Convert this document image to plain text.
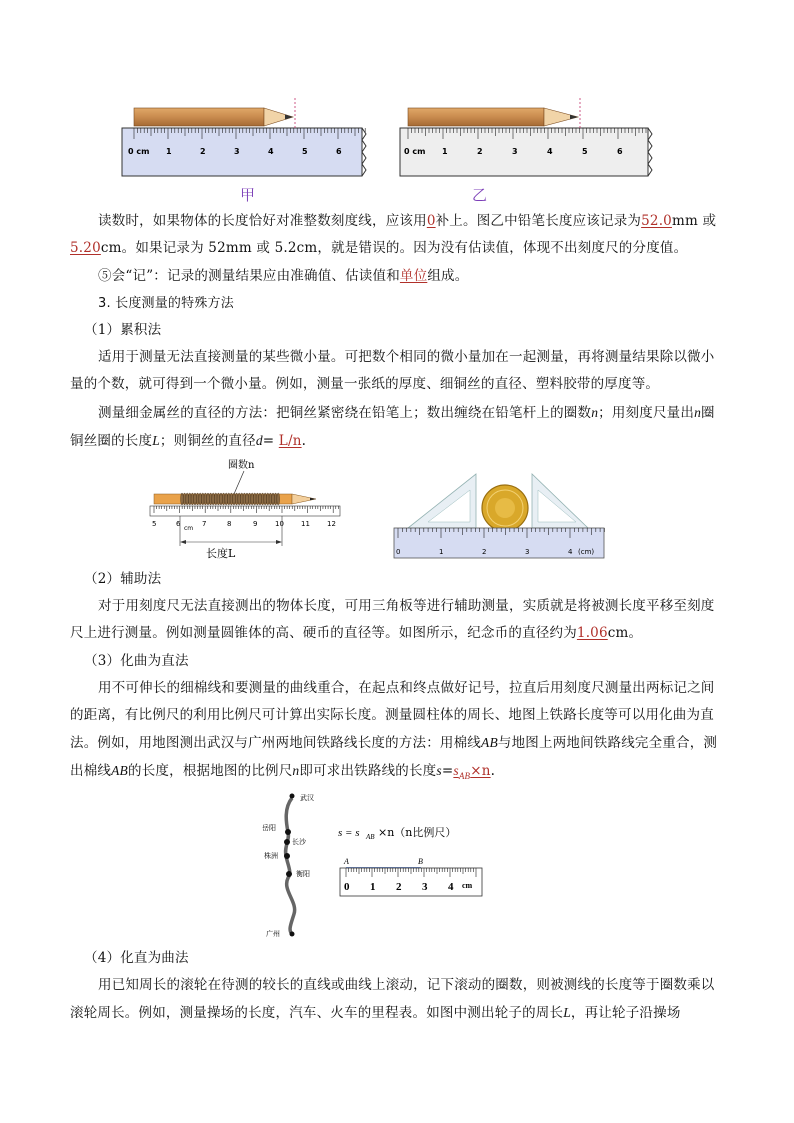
0 cm 1	2	3	4	5	6	0 cm 1	2	3	4	5	6
甲	乙
读数时，如果物体的长度恰好对准整数刻度线，应该用0补上。图乙中铅笔长度应该记录为52.0mm 或5.20cm。如果记录为 52mm 或 5.2cm，就是错误的。因为没有估读值，体现不出刻度尺的分度值。
⑤会“记”：记录的测量结果应由准确值、估读值和单位组成。
3. 长度测量的特殊方法
（1）累积法
适用于测量无法直接测量的某些微小量。可把数个相同的微小量加在一起测量，再将测量结果除以微小量的个数，就可得到一个微小量。例如，测量一张纸的厚度、细铜丝的直径、塑料胶带的厚度等。
测量细金属丝的直径的方法：把铜丝紧密绕在铅笔上；数出缠绕在铅笔杆上的圈数n；用刻度尺量出n圈铜丝圈的长度L；则铜丝的直径d= L/n.
圈数n
5	6	7	8	9	10 11 12
cm
长度L	0	1	2	3	4 (cm)
（2）辅助法
对于用刻度尺无法直接测出的物体长度，可用三角板等进行辅助测量，实质就是将被测长度平移至刻度尺上进行测量。例如测量圆锥体的高、硬币的直径等。如图所示，纪念币的直径约为1.06cm。
（3）化曲为直法
用不可伸长的细棉线和要测量的曲线重合，在起点和终点做好记号，拉直后用刻度尺测量出两标记之间的距离，有比例尺的利用比例尺可计算出实际长度。测量圆柱体的周长、地图上铁路长度等可以用化曲为直法。例如，用地图测出武汉与广州两地间铁路线长度的方法：用棉线AB与地图上两地间铁路线完全重合，测出棉线AB的长度，根据地图的比例尺n即可求出铁路线的长度$s=s_{AB}\times n$.
武汉
岳阳
长沙
株洲
衡阳
广州
s = s AB ×n（n比例尺）
A	B
0 1 2 3 4 cm
（4）化直为曲法
用已知周长的滚轮在待测的较长的直线或曲线上滚动，记下滚动的圈数，则被测线的长度等于圈数乘以滚轮周长。例如，测量操场的长度，汽车、火车的里程表。如图中测出轮子的周长L，再让轮子沿操场
